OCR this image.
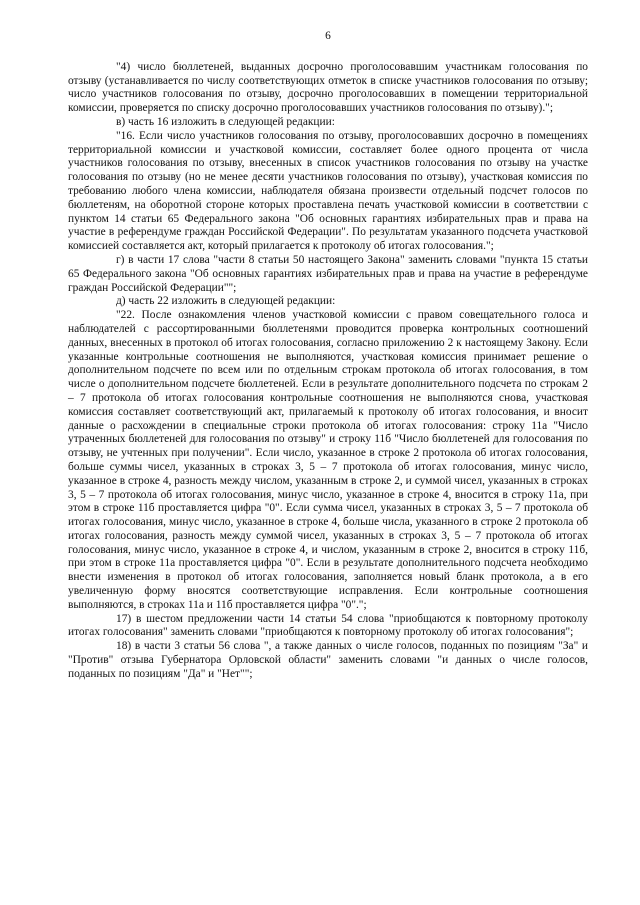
6

"4) число бюллетеней, выданных досрочно проголосовавшим участникам голосования по отзыву (устанавливается по числу соответствующих отметок в списке участников голосования по отзыву; число участников голосования по отзыву, досрочно проголосовавших в помещении территориальной комиссии, проверяется по списку досрочно проголосовавших участников голосования по отзыву).";

в) часть 16 изложить в следующей редакции:

"16. Если число участников голосования по отзыву, проголосовавших досрочно в помещениях территориальной комиссии и участковой комиссии, составляет более одного процента от числа участников голосования по отзыву, внесенных в список участников голосования по отзыву на участке голосования по отзыву (но не менее десяти участников голосования по отзыву), участковая комиссия по требованию любого члена комиссии, наблюдателя обязана произвести отдельный подсчет голосов по бюллетеням, на оборотной стороне которых проставлена печать участковой комиссии в соответствии с пунктом 14 статьи 65 Федерального закона "Об основных гарантиях избирательных прав и права на участие в референдуме граждан Российской Федерации". По результатам указанного подсчета участковой комиссией составляется акт, который прилагается к протоколу об итогах голосования.";

г) в части 17 слова "части 8 статьи 50 настоящего Закона" заменить словами "пункта 15 статьи 65 Федерального закона "Об основных гарантиях избирательных прав и права на участие в референдуме граждан Российской Федерации"";

д) часть 22 изложить в следующей редакции:

"22. После ознакомления членов участковой комиссии с правом совещательного голоса и наблюдателей с рассортированными бюллетенями проводится проверка контрольных соотношений данных, внесенных в протокол об итогах голосования, согласно приложению 2 к настоящему Закону. Если указанные контрольные соотношения не выполняются, участковая комиссия принимает решение о дополнительном подсчете по всем или по отдельным строкам протокола об итогах голосования, в том числе о дополнительном подсчете бюллетеней. Если в результате дополнительного подсчета по строкам 2 – 7 протокола об итогах голосования контрольные соотношения не выполняются снова, участковая комиссия составляет соответствующий акт, прилагаемый к протоколу об итогах голосования, и вносит данные о расхождении в специальные строки протокола об итогах голосования: строку 11а "Число утраченных бюллетеней для голосования по отзыву" и строку 11б "Число бюллетеней для голосования по отзыву, не учтенных при получении". Если число, указанное в строке 2 протокола об итогах голосования, больше суммы чисел, указанных в строках 3, 5 – 7 протокола об итогах голосования, минус число, указанное в строке 4, разность между числом, указанным в строке 2, и суммой чисел, указанных в строках 3, 5 – 7 протокола об итогах голосования, минус число, указанное в строке 4, вносится в строку 11а, при этом в строке 11б проставляется цифра "0". Если сумма чисел, указанных в строках 3, 5 – 7 протокола об итогах голосования, минус число, указанное в строке 4, больше числа, указанного в строке 2 протокола об итогах голосования, разность между суммой чисел, указанных в строках 3, 5 – 7 протокола об итогах голосования, минус число, указанное в строке 4, и числом, указанным в строке 2, вносится в строку 11б, при этом в строке 11а проставляется цифра "0". Если в результате дополнительного подсчета необходимо внести изменения в протокол об итогах голосования, заполняется новый бланк протокола, а в его увеличенную форму вносятся соответствующие исправления. Если контрольные соотношения выполняются, в строках 11а и 11б проставляется цифра "0".";

17) в шестом предложении части 14 статьи 54 слова "приобщаются к повторному протоколу итогах голосования" заменить словами "приобщаются к повторному протоколу об итогах голосования";

18) в части 3 статьи 56 слова ", а также данных о числе голосов, поданных по позициям "За" и "Против" отзыва Губернатора Орловской области" заменить словами "и данных о числе голосов, поданных по позициям "Да" и "Нет"";
